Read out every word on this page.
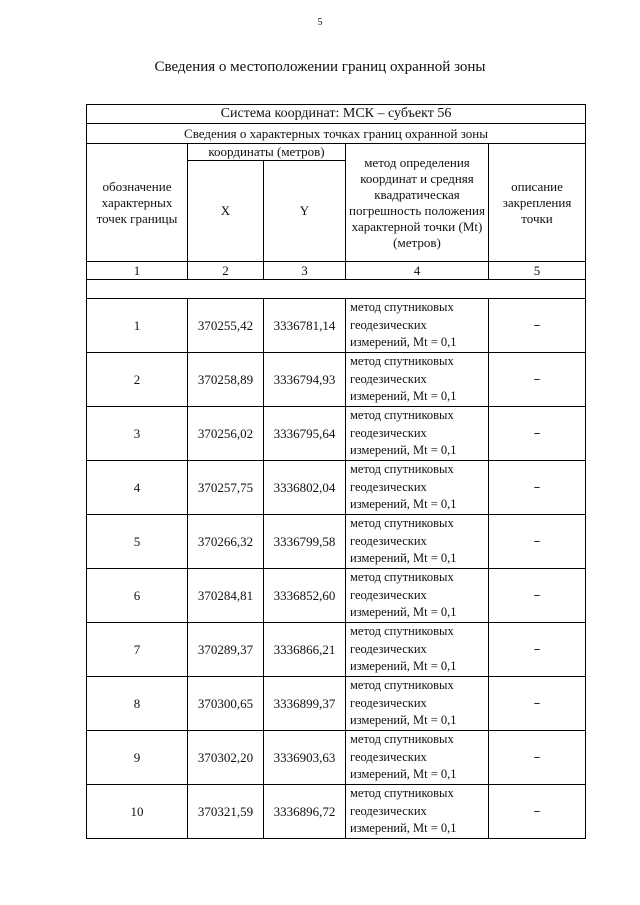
5
Сведения о местоположении границ охранной зоны
Система координат: МСК – субъект 56				
Сведения о характерных точках границ охранной зоны				
обозначение характерных точек границы	координаты (метров)		метод определения координат и средняя квадратическая погрешность положения характерной точки (Mt) (метров)	описание закрепления точки
	X	Y		
1	2	3	4	5

1	370255,42	3336781,14	метод спутниковых геодезических измерений, Mt = 0,1	–
2	370258,89	3336794,93	метод спутниковых геодезических измерений, Mt = 0,1	–
3	370256,02	3336795,64	метод спутниковых геодезических измерений, Mt = 0,1	–
4	370257,75	3336802,04	метод спутниковых геодезических измерений, Mt = 0,1	–
5	370266,32	3336799,58	метод спутниковых геодезических измерений, Mt = 0,1	–
6	370284,81	3336852,60	метод спутниковых геодезических измерений, Mt = 0,1	–
7	370289,37	3336866,21	метод спутниковых геодезических измерений, Mt = 0,1	–
8	370300,65	3336899,37	метод спутниковых геодезических измерений, Mt = 0,1	–
9	370302,20	3336903,63	метод спутниковых геодезических измерений, Mt = 0,1	–
10	370321,59	3336896,72	метод спутниковых геодезических измерений, Mt = 0,1	–
